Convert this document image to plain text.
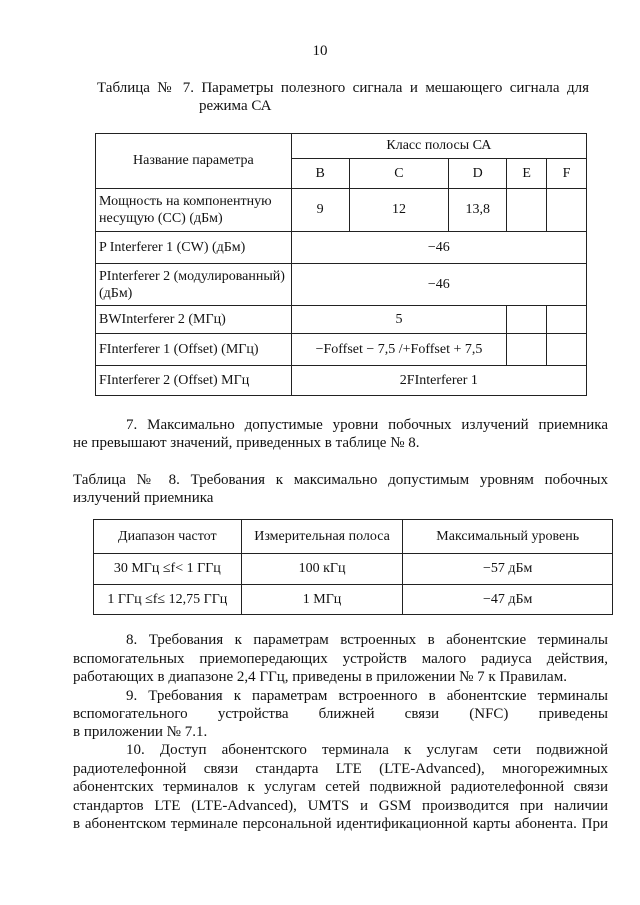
10
Таблица № 7. Параметры полезного сигнала и мешающего сигнала для
режима СА
Название параметра	Класс полосы СА				
	B	C	D	E	F
Мощность на компонентную несущую (СС) (дБм)	9	12	13,8		
P Interferer 1 (CW) (дБм)	−46				
PInterferer 2 (модулированный) (дБм)	−46				
BWInterferer 2 (МГц)	5				
FInterferer 1 (Offset) (МГц)	−Foffset − 7,5 /+Foffset + 7,5				
FInterferer 2 (Offset) МГц	2FInterferer 1				
7. Максимально допустимые уровни побочных излучений приемника
не превышают значений, приведенных в таблице № 8.
Таблица № 8. Требования к максимально допустимым уровням побочных
излучений приемника
Диапазон частот	Измерительная полоса	Максимальный уровень
30 МГц ≤f< 1 ГГц	100 кГц	−57 дБм
1 ГГц ≤f≤ 12,75 ГГц	1 МГц	−47 дБм
8. Требования к параметрам встроенных в абонентские терминалы
вспомогательных приемопередающих устройств малого радиуса действия,
работающих в диапазоне 2,4 ГГц, приведены в приложении № 7 к Правилам.
9. Требования к параметрам встроенного в абонентские терминалы
вспомогательного устройства ближней связи (NFC) приведены
в приложении № 7.1.
10. Доступ абонентского терминала к услугам сети подвижной
радиотелефонной связи стандарта LTE (LTE-Advanced), многорежимных
абонентских терминалов к услугам сетей подвижной радиотелефонной связи
стандартов LTE (LTE-Advanced), UMTS и GSM производится при наличии
в абонентском терминале персональной идентификационной карты абонента. При
